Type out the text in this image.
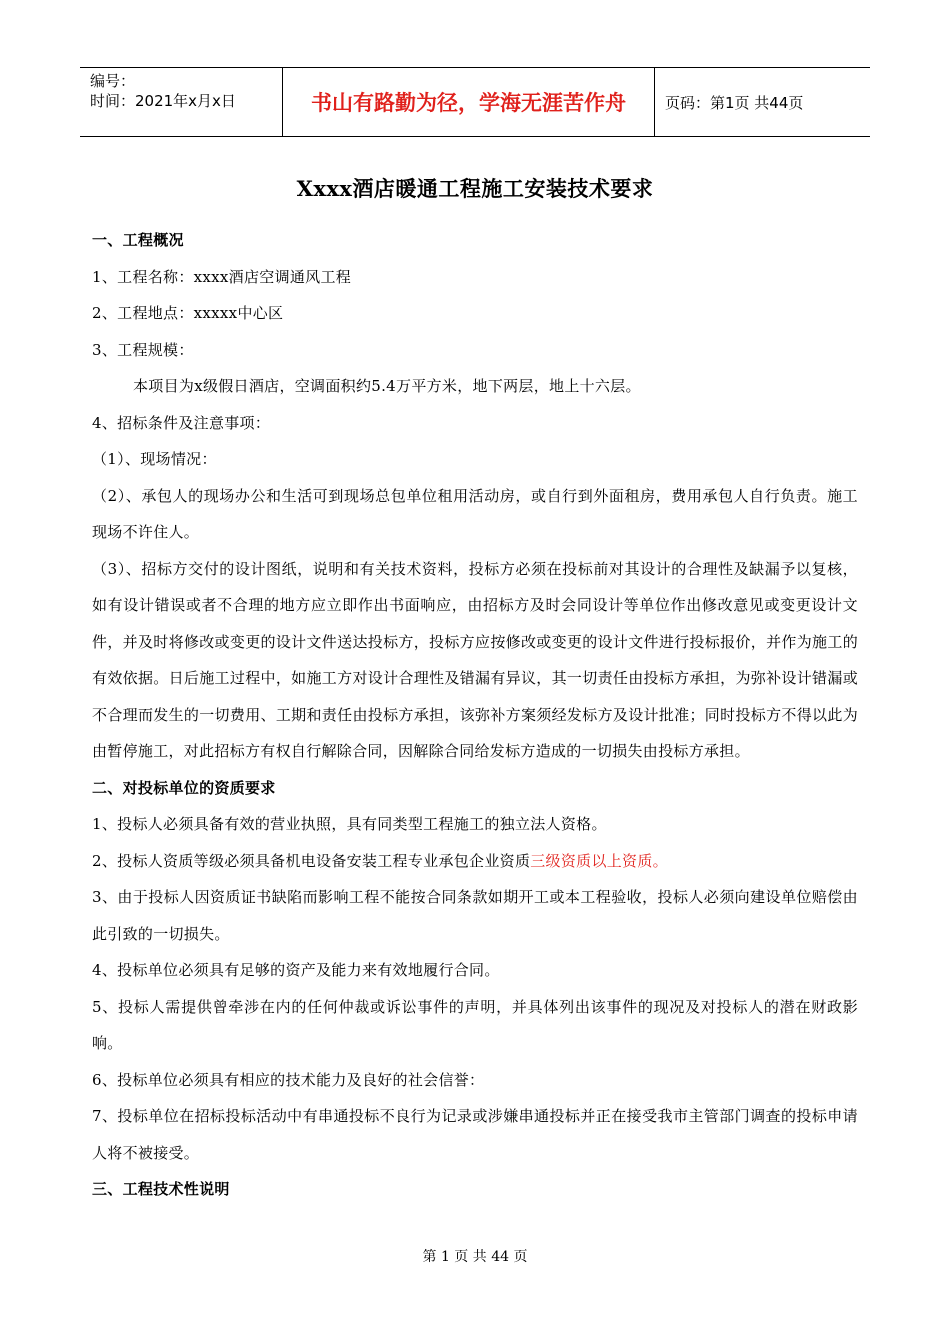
编号：
时间：2021年x月x日	书山有路勤为径，学海无涯苦作舟	页码：第1页 共44页
Xxxx酒店暖通工程施工安装技术要求

一、工程概况

1、工程名称：xxxx酒店空调通风工程

2、工程地点：xxxxx中心区

3、工程规模：

本项目为x级假日酒店，空调面积约5.4万平方米，地下两层，地上十六层。

4、招标条件及注意事项：

（1）、现场情况：

（2）、承包人的现场办公和生活可到现场总包单位租用活动房，或自行到外面租房，费用承包人自行负责。施工现场不许住人。

（3）、招标方交付的设计图纸，说明和有关技术资料，投标方必须在投标前对其设计的合理性及缺漏予以复核，如有设计错误或者不合理的地方应立即作出书面响应，由招标方及时会同设计等单位作出修改意见或变更设计文件，并及时将修改或变更的设计文件送达投标方，投标方应按修改或变更的设计文件进行投标报价，并作为施工的有效依据。日后施工过程中，如施工方对设计合理性及错漏有异议，其一切责任由投标方承担，为弥补设计错漏或不合理而发生的一切费用、工期和责任由投标方承担，该弥补方案须经发标方及设计批准；同时投标方不得以此为由暂停施工，对此招标方有权自行解除合同，因解除合同给发标方造成的一切损失由投标方承担。

二、对投标单位的资质要求

1、投标人必须具备有效的营业执照，具有同类型工程施工的独立法人资格。

2、投标人资质等级必须具备机电设备安装工程专业承包企业资质三级资质以上资质。

3、由于投标人因资质证书缺陷而影响工程不能按合同条款如期开工或本工程验收，投标人必须向建设单位赔偿由此引致的一切损失。

4、投标单位必须具有足够的资产及能力来有效地履行合同。

5、投标人需提供曾牵涉在内的任何仲裁或诉讼事件的声明，并具体列出该事件的现况及对投标人的潜在财政影响。

6、投标单位必须具有相应的技术能力及良好的社会信誉：

7、投标单位在招标投标活动中有串通投标不良行为记录或涉嫌串通投标并正在接受我市主管部门调查的投标申请人将不被接受。

三、工程技术性说明

第 1 页 共 44 页
